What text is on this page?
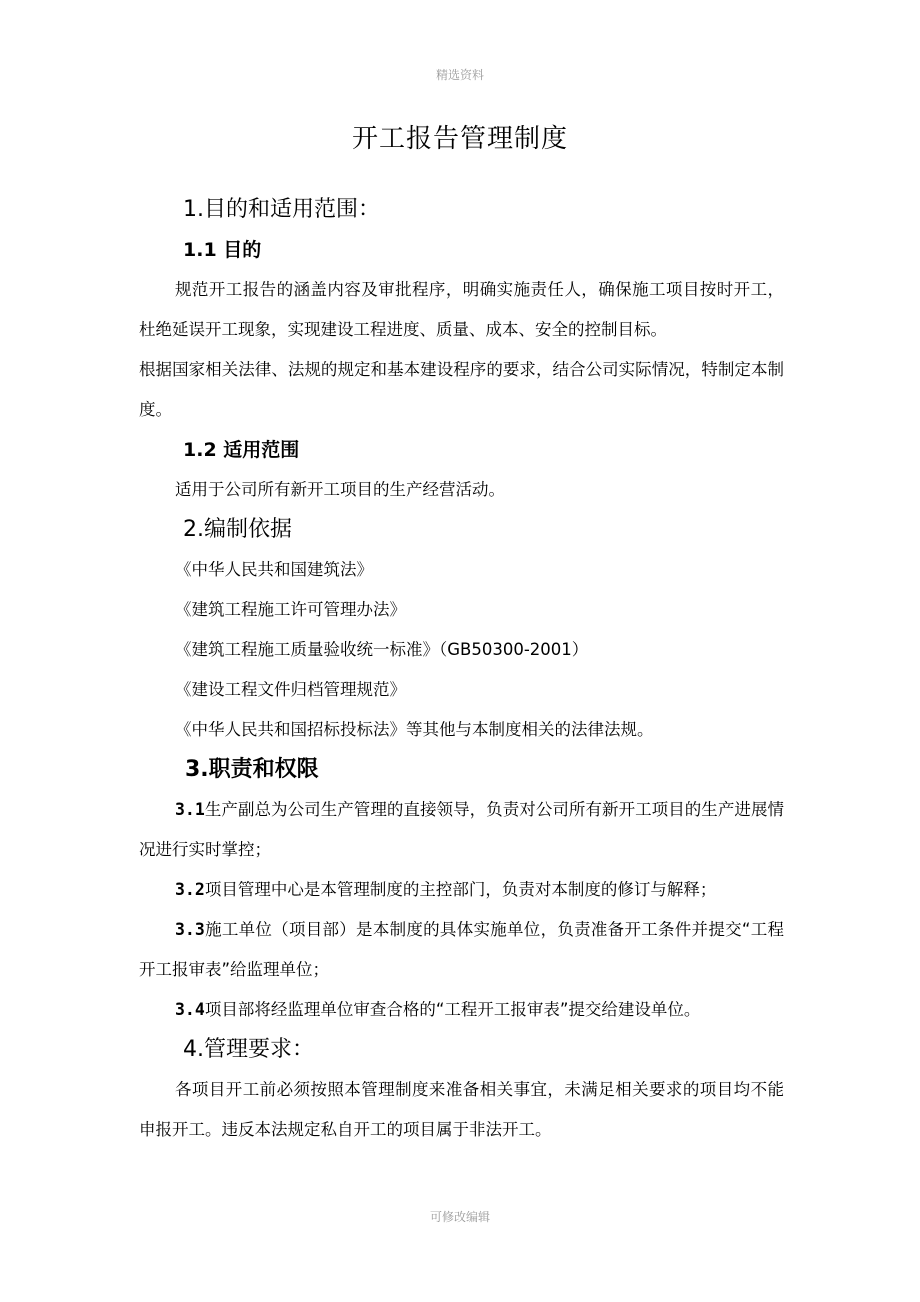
精选资料
开工报告管理制度
1.目的和适用范围：
1.1 目的

规范开工报告的涵盖内容及审批程序，明确实施责任人，确保施工项目按时开工，杜绝延误开工现象，实现建设工程进度、质量、成本、安全的控制目标。

根据国家相关法律、法规的规定和基本建设程序的要求，结合公司实际情况，特制定本制度。

1.2 适用范围

适用于公司所有新开工项目的生产经营活动。

2.编制依据

《中华人民共和国建筑法》

《建筑工程施工许可管理办法》

《建筑工程施工质量验收统一标准》（GB50300-2001）

《建设工程文件归档管理规范》

《中华人民共和国招标投标法》等其他与本制度相关的法律法规。

3.职责和权限

3.1生产副总为公司生产管理的直接领导，负责对公司所有新开工项目的生产进展情况进行实时掌控；

3.2项目管理中心是本管理制度的主控部门，负责对本制度的修订与解释；

3.3施工单位（项目部）是本制度的具体实施单位，负责准备开工条件并提交“工程开工报审表”给监理单位；

3.4项目部将经监理单位审查合格的“工程开工报审表”提交给建设单位。

4.管理要求：

各项目开工前必须按照本管理制度来准备相关事宜，未满足相关要求的项目均不能申报开工。违反本法规定私自开工的项目属于非法开工。

可修改编辑
